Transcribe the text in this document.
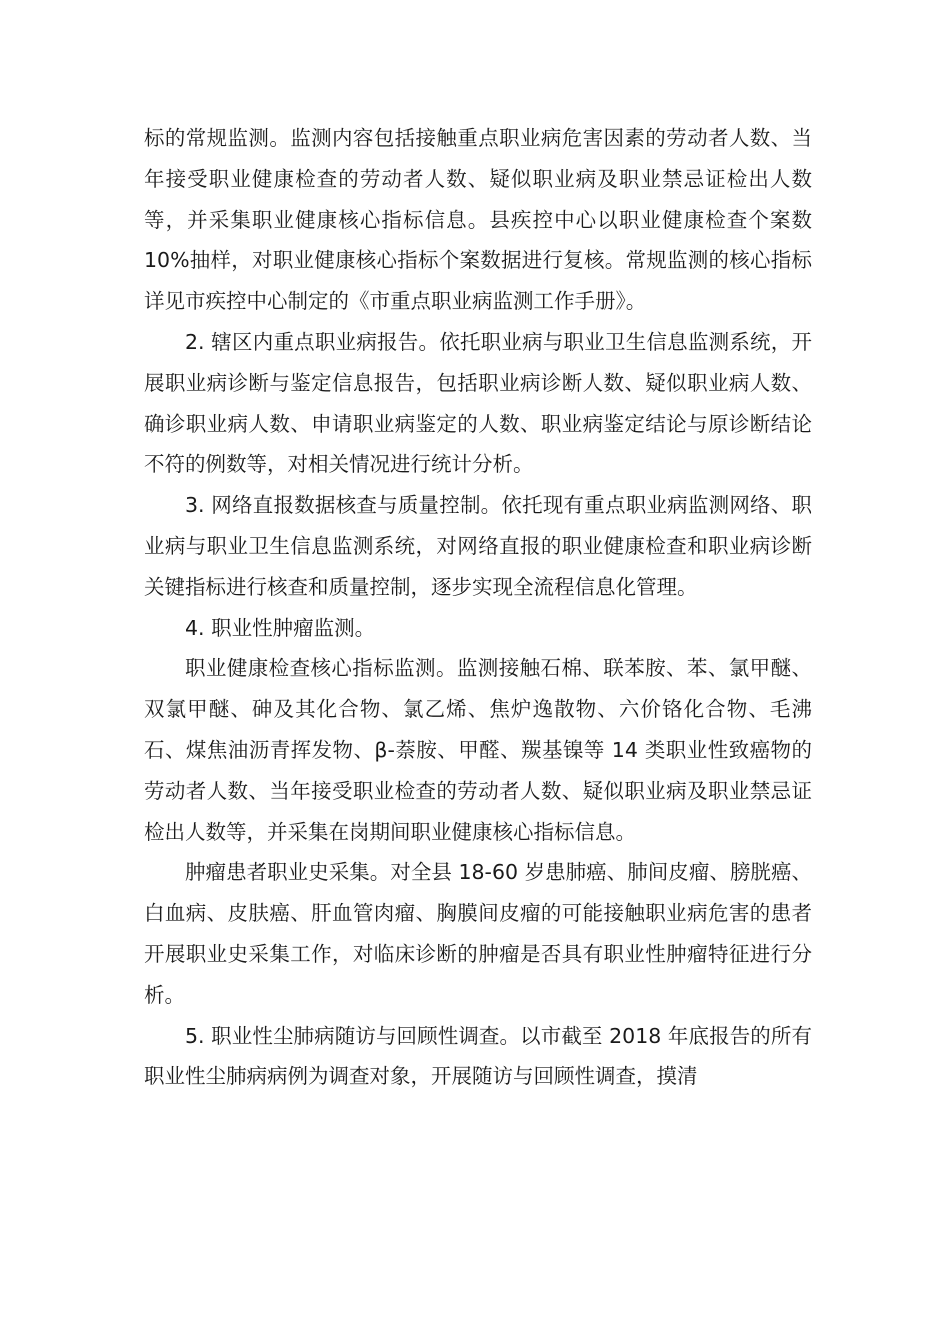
标的常规监测。监测内容包括接触重点职业病危害因素的劳动者人数、当年接受职业健康检查的劳动者人数、疑似职业病及职业禁忌证检出人数等，并采集职业健康核心指标信息。县疾控中心以职业健康检查个案数 10%抽样，对职业健康核心指标个案数据进行复核。常规监测的核心指标详见市疾控中心制定的《市重点职业病监测工作手册》。

2. 辖区内重点职业病报告。依托职业病与职业卫生信息监测系统，开展职业病诊断与鉴定信息报告，包括职业病诊断人数、疑似职业病人数、确诊职业病人数、申请职业病鉴定的人数、职业病鉴定结论与原诊断结论不符的例数等，对相关情况进行统计分析。

3. 网络直报数据核查与质量控制。依托现有重点职业病监测网络、职业病与职业卫生信息监测系统，对网络直报的职业健康检查和职业病诊断关键指标进行核查和质量控制，逐步实现全流程信息化管理。

4. 职业性肿瘤监测。

职业健康检查核心指标监测。监测接触石棉、联苯胺、苯、氯甲醚、双氯甲醚、砷及其化合物、氯乙烯、焦炉逸散物、六价铬化合物、毛沸石、煤焦油沥青挥发物、β-萘胺、甲醛、羰基镍等 14 类职业性致癌物的劳动者人数、当年接受职业检查的劳动者人数、疑似职业病及职业禁忌证检出人数等，并采集在岗期间职业健康核心指标信息。

肿瘤患者职业史采集。对全县 18-60 岁患肺癌、肺间皮瘤、膀胱癌、白血病、皮肤癌、肝血管肉瘤、胸膜间皮瘤的可能接触职业病危害的患者开展职业史采集工作，对临床诊断的肿瘤是否具有职业性肿瘤特征进行分析。

5. 职业性尘肺病随访与回顾性调查。以市截至 2018 年底报告的所有职业性尘肺病病例为调查对象，开展随访与回顾性调查，摸清
